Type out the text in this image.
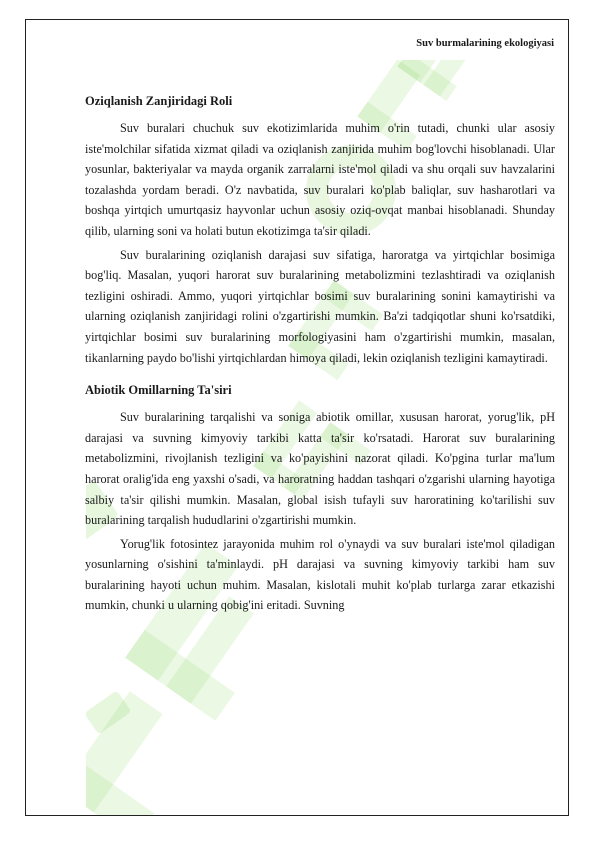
Suv burmalarining ekologiyasi
Oziqlanish Zanjiridagi Roli

Suv buralari chuchuk suv ekotizimlarida muhim o'rin tutadi, chunki ular asosiy iste'molchilar sifatida xizmat qiladi va oziqlanish zanjirida muhim bog'lovchi hisoblanadi. Ular yosunlar, bakteriyalar va mayda organik zarralarni iste'mol qiladi va shu orqali suv havzalarini tozalashda yordam beradi. O'z navbatida, suv buralari ko'plab baliqlar, suv hasharotlari va boshqa yirtqich umurtqasiz hayvonlar uchun asosiy oziq-ovqat manbai hisoblanadi. Shunday qilib, ularning soni va holati butun ekotizimga ta'sir qiladi.

Suv buralarining oziqlanish darajasi suv sifatiga, haroratga va yirtqichlar bosimiga bog'liq. Masalan, yuqori harorat suv buralarining metabolizmini tezlashtiradi va oziqlanish tezligini oshiradi. Ammo, yuqori yirtqichlar bosimi suv buralarining sonini kamaytirishi va ularning oziqlanish zanjiridagi rolini o'zgartirishi mumkin. Ba'zi tadqiqotlar shuni ko'rsatdiki, yirtqichlar bosimi suv buralarining morfologiyasini ham o'zgartirishi mumkin, masalan, tikanlarning paydo bo'lishi yirtqichlardan himoya qiladi, lekin oziqlanish tezligini kamaytiradi.

Abiotik Omillarning Ta'siri

Suv buralarining tarqalishi va soniga abiotik omillar, xususan harorat, yorug'lik, pH darajasi va suvning kimyoviy tarkibi katta ta'sir ko'rsatadi. Harorat suv buralarining metabolizmini, rivojlanish tezligini va ko'payishini nazorat qiladi. Ko'pgina turlar ma'lum harorat oralig'ida eng yaxshi o'sadi, va haroratning haddan tashqari o'zgarishi ularning hayotiga salbiy ta'sir qilishi mumkin. Masalan, global isish tufayli suv haroratining ko'tarilishi suv buralarining tarqalish hududlarini o'zgartirishi mumkin.

Yorug'lik fotosintez jarayonida muhim rol o'ynaydi va suv buralari iste'mol qiladigan yosunlarning o'sishini ta'minlaydi. pH darajasi va suvning kimyoviy tarkibi ham suv buralarining hayoti uchun muhim. Masalan, kislotali muhit ko'plab turlarga zarar etkazishi mumkin, chunki u ularning qobig'ini eritadi. Suvning
